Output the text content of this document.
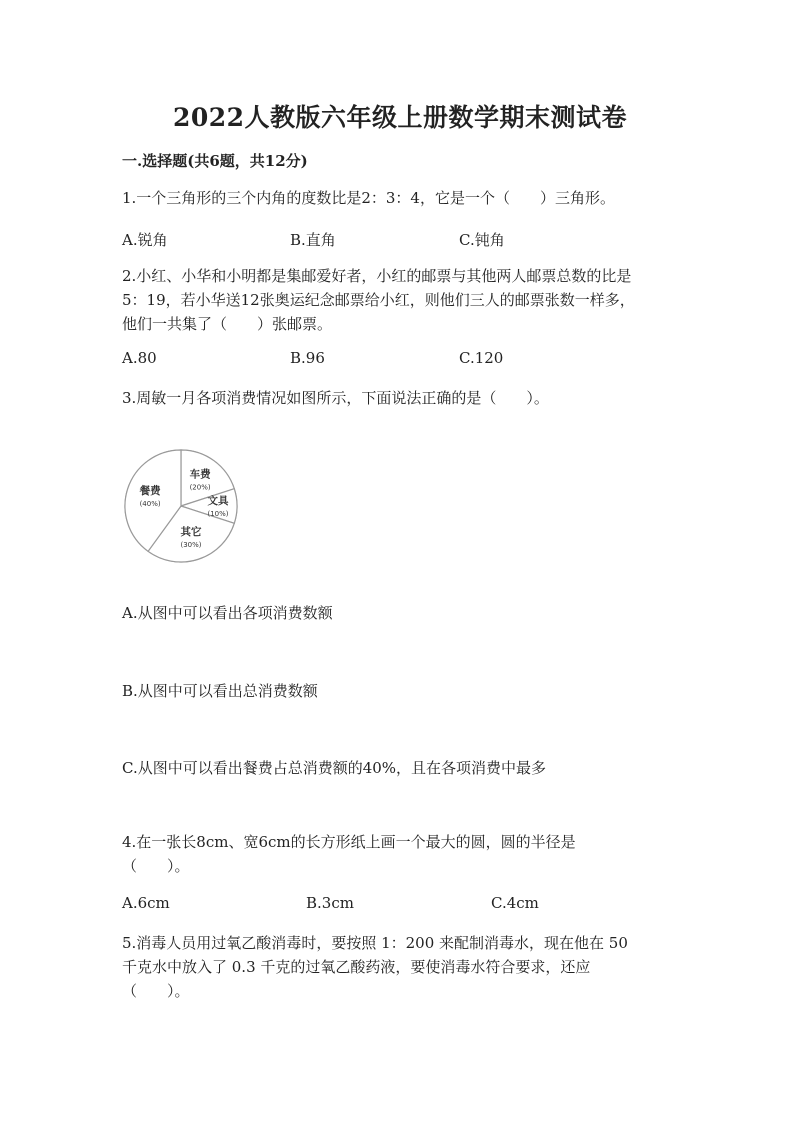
2022人教版六年级上册数学期末测试卷
一.选择题(共6题，共12分)
1.一个三角形的三个内角的度数比是2：3：4，它是一个（　　）三角形。
A.锐角	B.直角	C.钝角
2.小红、小华和小明都是集邮爱好者，小红的邮票与其他两人邮票总数的比是
5：19，若小华送12张奥运纪念邮票给小红，则他们三人的邮票张数一样多，
他们一共集了（　　）张邮票。
A.80	B.96	C.120
3.周敏一月各项消费情况如图所示，下面说法正确的是（　　）。
车费
(20%)
文具
(10%)
其它
(30%)
餐费
(40%)
A.从图中可以看出各项消费数额
B.从图中可以看出总消费数额
C.从图中可以看出餐费占总消费额的40%，且在各项消费中最多
4.在一张长8cm、宽6cm的长方形纸上画一个最大的圆，圆的半径是
（　　）。
A.6cm	B.3cm	C.4cm
5.消毒人员用过氧乙酸消毒时，要按照 1：200 来配制消毒水，现在他在 50
千克水中放入了 0.3 千克的过氧乙酸药液，要使消毒水符合要求，还应
（　　）。
